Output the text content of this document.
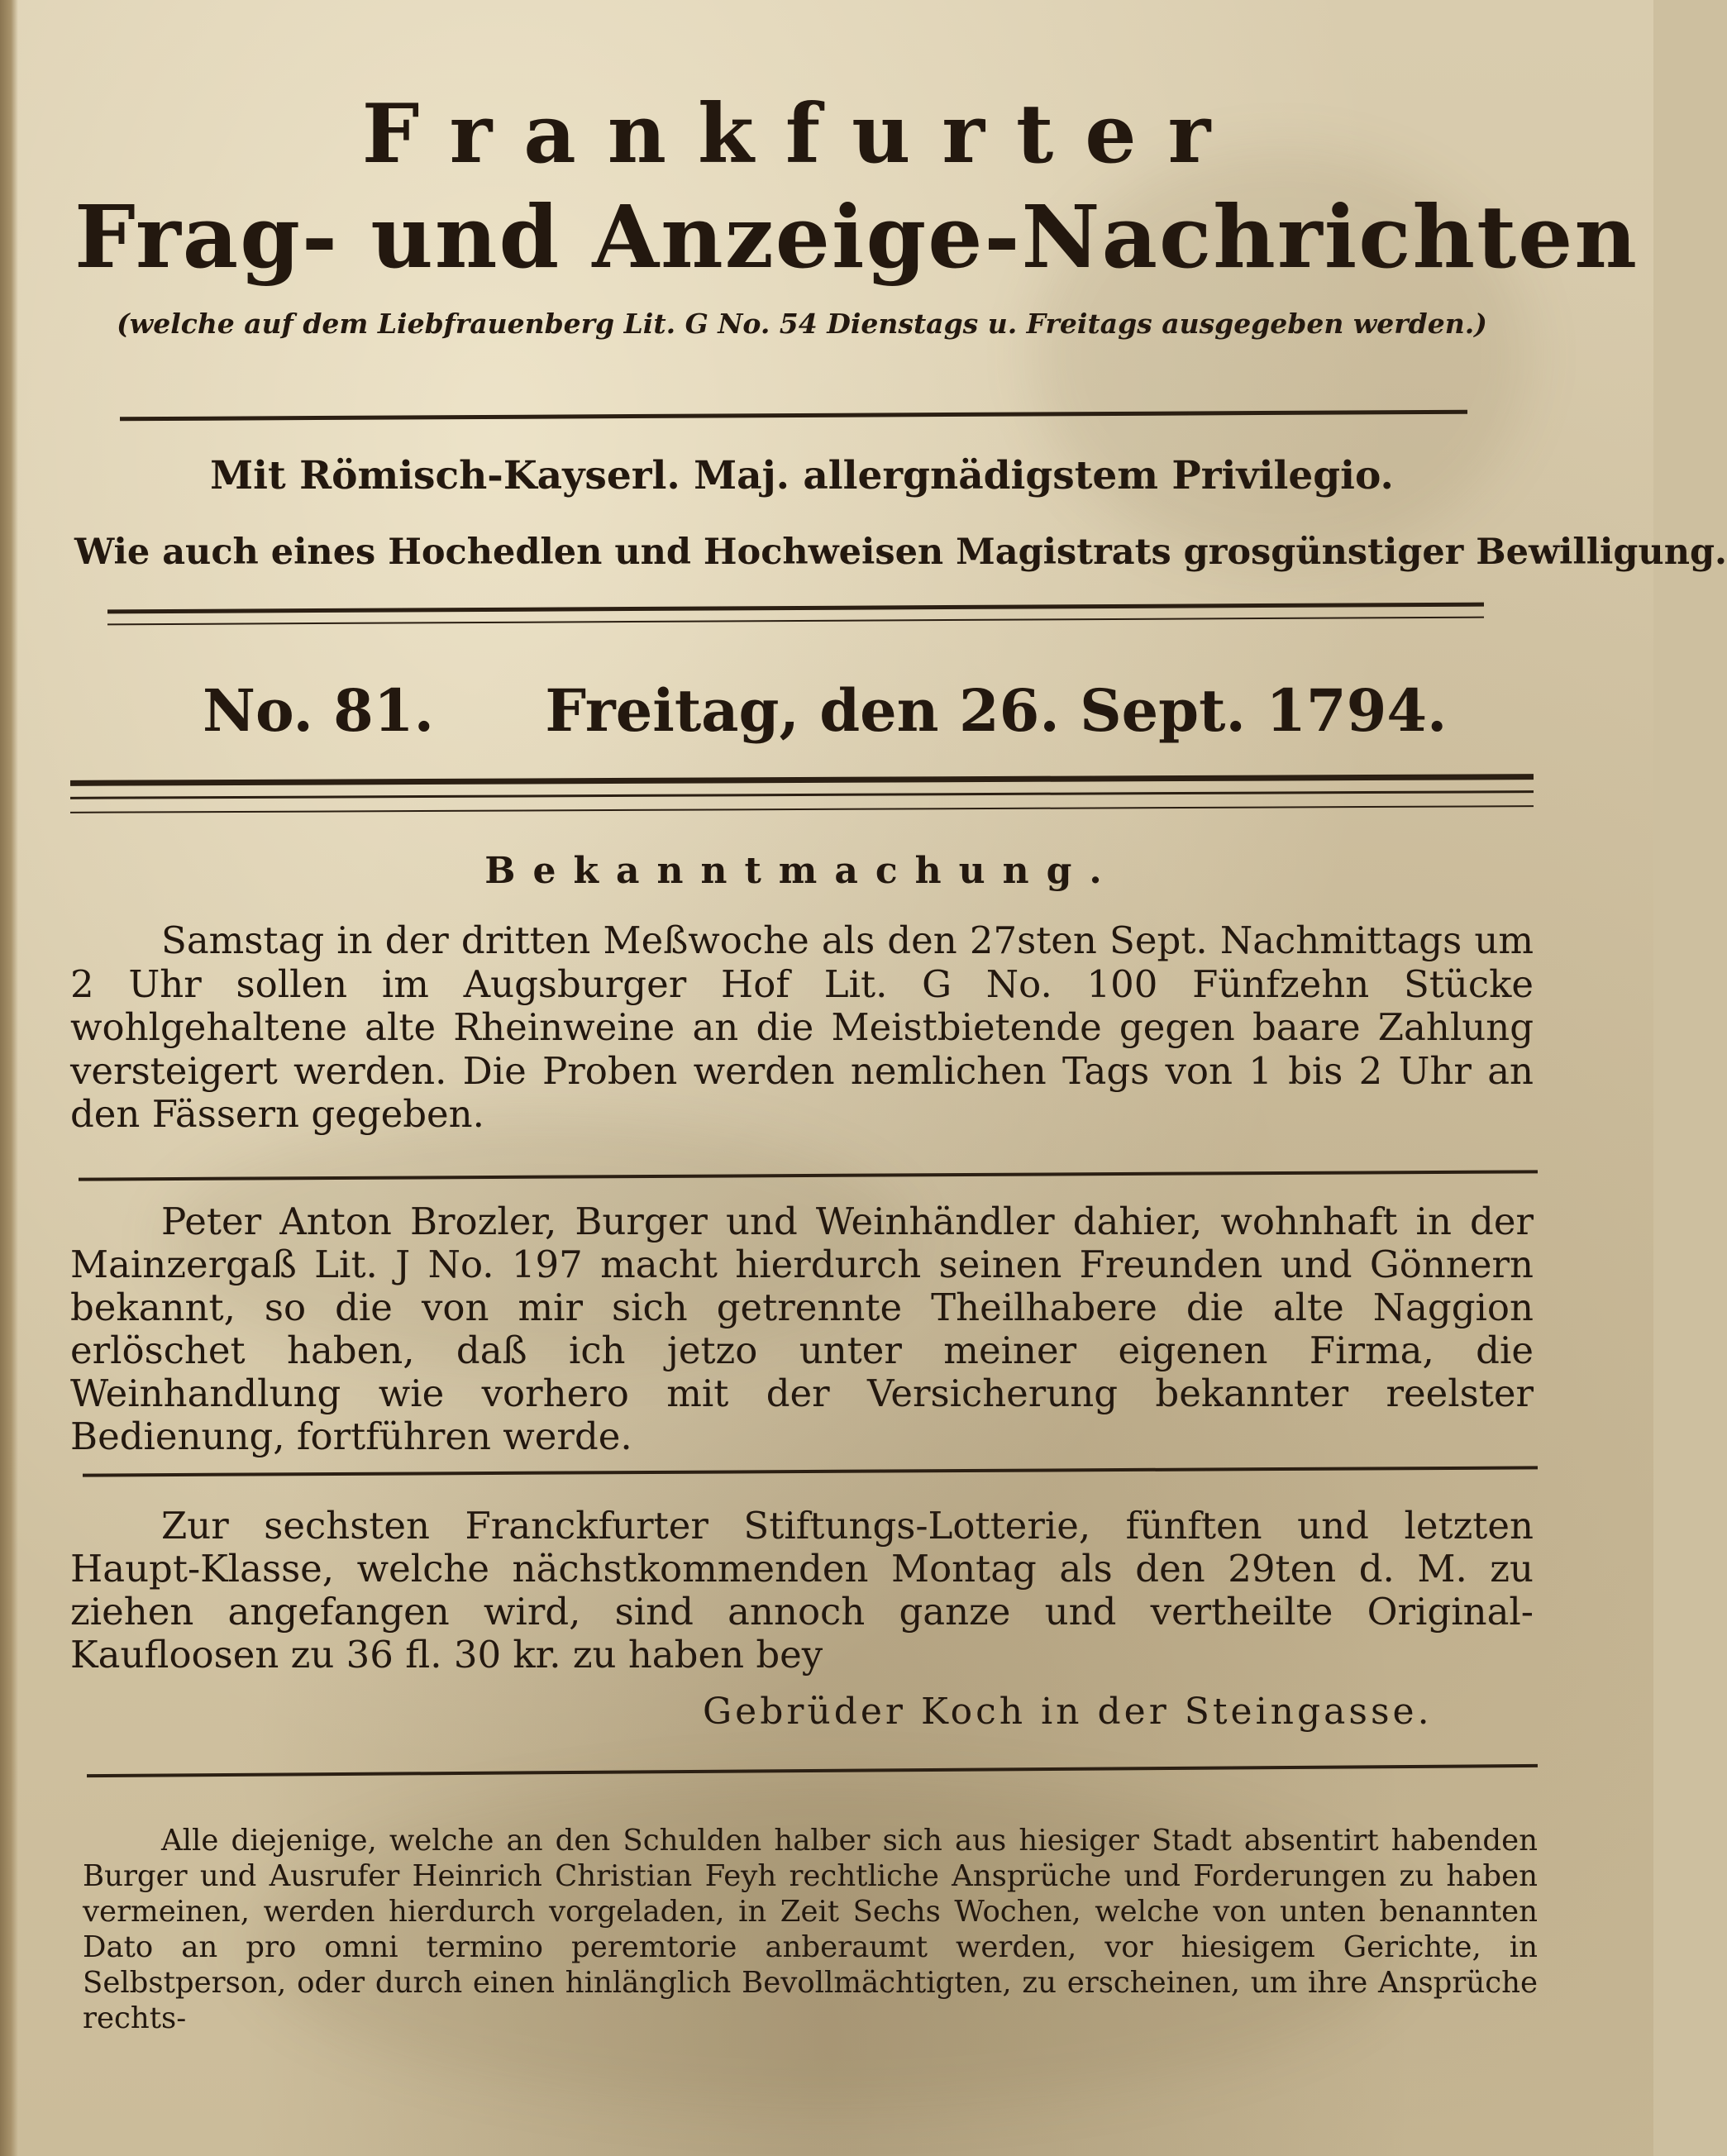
Frankfurter
Frag- und Anzeige-Nachrichten
(welche auf dem Liebfrauenberg Lit. G No. 54 Dienstags u. Freitags ausgegeben werden.)
Mit Römisch-Kayserl. Maj. allergnädigstem Privilegio.
Wie auch eines Hochedlen und Hochweisen Magistrats grosgünstiger Bewilligung.
No. 81. Freitag, den 26. Sept. 1794.
Bekanntmachung.

Samstag in der dritten Meßwoche als den 27sten Sept. Nachmittags um 2 Uhr sollen im Augsburger Hof Lit. G No. 100 Fünfzehn Stücke wohlgehaltene alte Rheinweine an die Meistbietende gegen baare Zahlung versteigert werden. Die Proben werden nemlichen Tags von 1 bis 2 Uhr an den Fässern gegeben.

Peter Anton Brozler, Burger und Weinhändler dahier, wohnhaft in der Mainzergaß Lit. J No. 197 macht hierdurch seinen Freunden und Gönnern bekannt, so die von mir sich getrennte Theilhabere die alte Naggion erlöschet haben, daß ich jetzo unter meiner eigenen Firma, die Weinhandlung wie vorhero mit der Versicherung bekannter reelster Bedienung, fortführen werde.

Zur sechsten Franckfurter Stiftungs-Lotterie, fünften und letzten Haupt-Klasse, welche nächstkommenden Montag als den 29ten d. M. zu ziehen angefangen wird, sind annoch ganze und vertheilte Original-Kaufloosen zu 36 fl. 30 kr. zu haben bey

Gebrüder Koch in der Steingasse.

Alle diejenige, welche an den Schulden halber sich aus hiesiger Stadt absentirt habenden Burger und Ausrufer Heinrich Christian Feyh rechtliche Ansprüche und Forderungen zu haben vermeinen, werden hierdurch vorgeladen, in Zeit Sechs Wochen, welche von unten benannten Dato an pro omni termino peremtorie anberaumt werden, vor hiesigem Gerichte, in Selbstperson, oder durch einen hinlänglich Bevollmächtigten, zu erscheinen, um ihre Ansprüche rechts-
